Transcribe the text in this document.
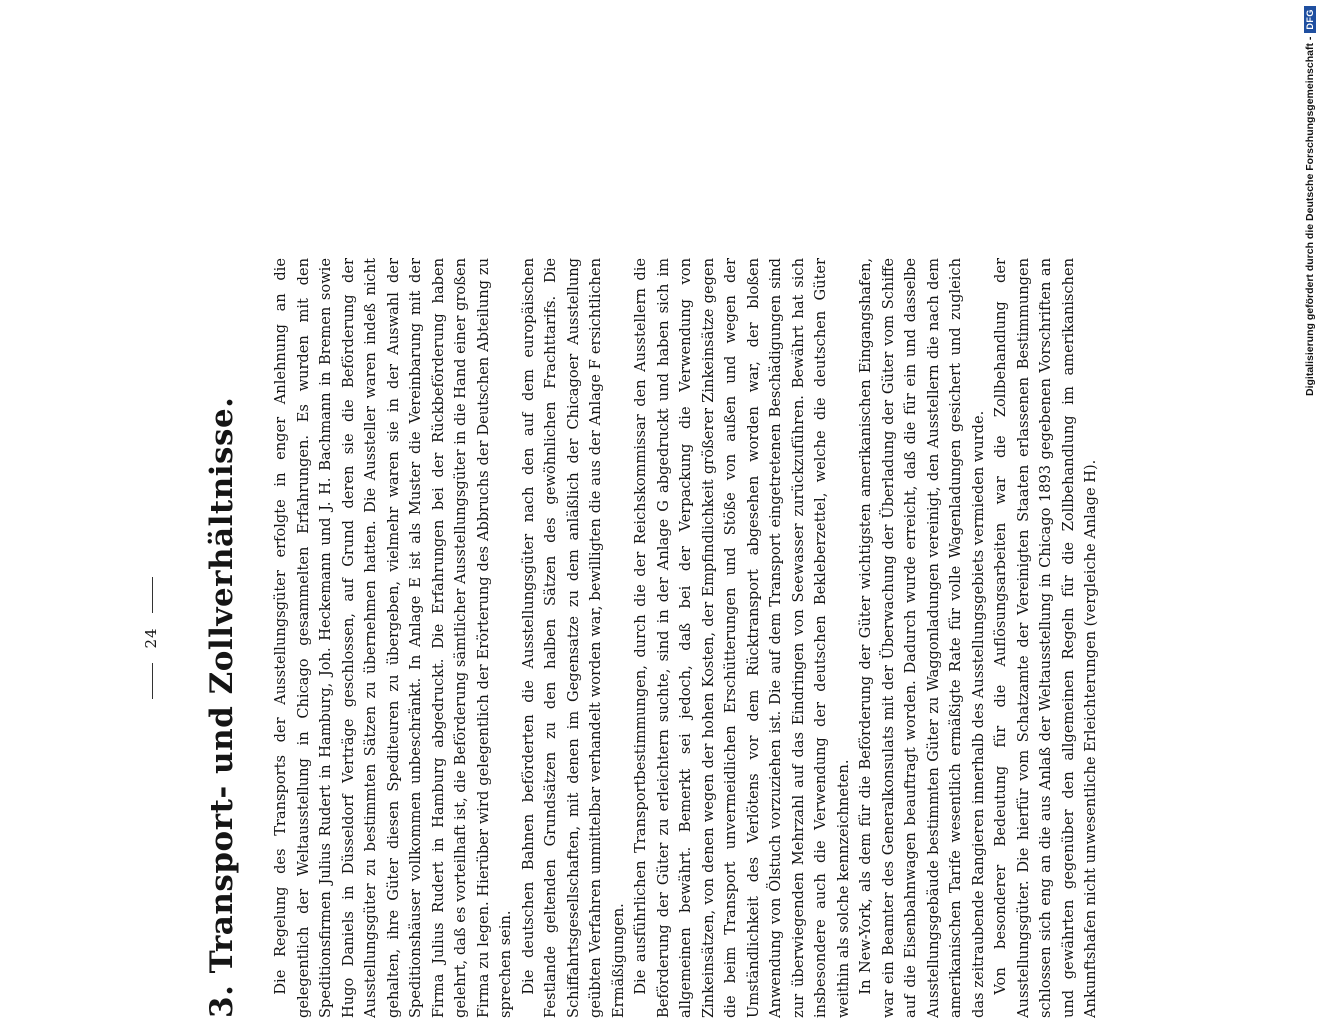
24 3. Transport- und Zollverhältnisse. Die Regelung des Transports der Ausstellungsgüter erfolgte in enger Anlehnung an die gelegentlich der Weltausstellung in Chicago gesammelten Erfahrungen. Es wurden mit den Speditionsfirmen Julius Rudert in Hamburg, Joh. Heckemann und J. H. Bachmann in Bremen sowie Hugo Daniels in Düsseldorf Verträge geschlossen, auf Grund deren sie die Beförderung der Ausstellungsgüter zu bestimmten Sätzen zu übernehmen hatten. Die Aussteller waren indeß nicht gehalten, ihre Güter diesen Spediteuren zu übergeben, vielmehr waren sie in der Auswahl der Speditionshäuser vollkommen unbeschränkt. In Anlage E ist als Muster die Vereinbarung mit der Firma Julius Rudert in Hamburg abgedruckt. Die Erfahrungen bei der Rückbeförderung haben gelehrt, daß es vorteilhaft ist, die Beförderung sämtlicher Ausstellungsgüter in die Hand einer großen Firma zu legen. Hierüber wird gelegentlich der Erörterung des Abbruchs der Deutschen Abteilung zu sprechen sein. Die deutschen Bahnen beförderten die Ausstellungsgüter nach den auf dem europäischen Festlande geltenden Grundsätzen zu den halben Sätzen des gewöhnlichen Frachttarifs. Die Schiffahrtsgesellschaften, mit denen im Gegensatze zu dem anläßlich der Chicagoer Ausstellung geübten Verfahren unmittelbar verhandelt worden war, bewilligten die aus der Anlage F ersichtlichen Ermäßigungen. Die ausführlichen Transportbestimmungen, durch die der Reichskommissar den Ausstellern die Beförderung der Güter zu erleichtern suchte, sind in der Anlage G abgedruckt und haben sich im allgemeinen bewährt. Bemerkt sei jedoch, daß bei der Verpackung die Verwendung von Zinkeinsätzen, von denen wegen der hohen Kosten, der Empfindlichkeit größerer Zinkeinsätze gegen die beim Transport unvermeidlichen Erschütterungen und Stöße von außen und wegen der Umständlichkeit des Verlötens vor dem Rücktransport abgesehen worden war, der bloßen Anwendung von Ölstuch vorzuziehen ist. Die auf dem Transport eingetretenen Beschädigungen sind zur überwiegenden Mehrzahl auf das Eindringen von Seewasser zurückzuführen. Bewährt hat sich insbesondere auch die Verwendung der deutschen Bekleberzettel, welche die deutschen Güter weithin als solche kennzeichneten. In New-York, als dem für die Beförderung der Güter wichtigsten amerikanischen Eingangshafen, war ein Beamter des Generalkonsulats mit der Überwachung der Überladung der Güter vom Schiffe auf die Eisenbahnwagen beauftragt worden. Dadurch wurde erreicht, daß die für ein und dasselbe Ausstellungsgebäude bestimmten Güter zu Waggonladungen vereinigt, den Ausstellern die nach dem amerikanischen Tarife wesentlich ermäßigte Rate für volle Wagenladungen gesichert und zugleich das zeitraubende Rangieren innerhalb des Ausstellungsgebiets vermieden wurde. Von besonderer Bedeutung für die Auflösungsarbeiten war die Zollbehandlung der Ausstellungsgüter. Die hierfür vom Schatzamte der Vereinigten Staaten erlassenen Bestimmungen schlossen sich eng an die aus Anlaß der Weltausstellung in Chicago 1893 gegebenen Vorschriften an und gewährten gegenüber den allgemeinen Regeln für die Zollbehandlung im amerikanischen Ankunftshafen nicht unwesentliche Erleichterungen (vergleiche Anlage H).

Digitalisierung gefördert durch die Deutsche Forschungsgemeinschaft -
DFG
